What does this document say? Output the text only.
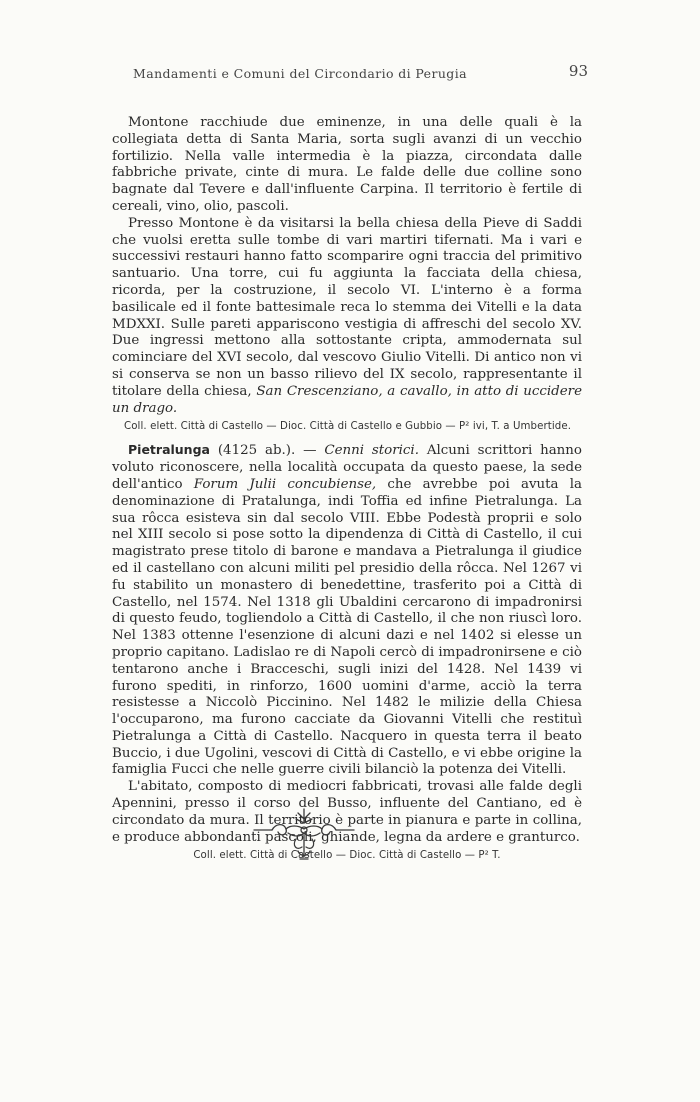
Mandamenti e Comuni del Circondario di Perugia	93

Montone racchiude due eminenze, in una delle quali è la collegiata detta di Santa Maria, sorta sugli avanzi di un vecchio fortilizio. Nella valle intermedia è la piazza, circondata dalle fabbriche private, cinte di mura. Le falde delle due colline sono bagnate dal Tevere e dall'influente Carpina. Il territorio è fertile di cereali, vino, olio, pascoli.

Presso Montone è da visitarsi la bella chiesa della Pieve di Saddi che vuolsi eretta sulle tombe di vari martiri tifernati. Ma i vari e successivi restauri hanno fatto scomparire ogni traccia del primitivo santuario. Una torre, cui fu aggiunta la facciata della chiesa, ricorda, per la costruzione, il secolo VI. L'interno è a forma basilicale ed il fonte battesimale reca lo stemma dei Vitelli e la data MDXXI. Sulle pareti appariscono vestigia di affreschi del secolo XV. Due ingressi mettono alla sottostante cripta, ammodernata sul cominciare del XVI secolo, dal vescovo Giulio Vitelli. Di antico non vi si conserva se non un basso rilievo del IX secolo, rappresentante il titolare della chiesa, San Crescenziano, a cavallo, in atto di uccidere un drago.

Coll. elett. Città di Castello — Dioc. Città di Castello e Gubbio — P² ivi, T. a Umbertide.

Pietralunga (4125 ab.). — Cenni storici. Alcuni scrittori hanno voluto riconoscere, nella località occupata da questo paese, la sede dell'antico Forum Julii concubiense, che avrebbe poi avuta la denominazione di Pratalunga, indi Toffia ed infine Pietralunga. La sua rôcca esisteva sin dal secolo VIII. Ebbe Podestà proprii e solo nel XIII secolo si pose sotto la dipendenza di Città di Castello, il cui magistrato prese titolo di barone e mandava a Pietralunga il giudice ed il castellano con alcuni militi pel presidio della rôcca. Nel 1267 vi fu stabilito un monastero di benedettine, trasferito poi a Città di Castello, nel 1574. Nel 1318 gli Ubaldini cercarono di impadronirsi di questo feudo, togliendolo a Città di Castello, il che non riuscì loro. Nel 1383 ottenne l'esenzione di alcuni dazi e nel 1402 si elesse un proprio capitano. Ladislao re di Napoli cercò di impadronirsene e ciò tentarono anche i Bracceschi, sugli inizi del 1428. Nel 1439 vi furono spediti, in rinforzo, 1600 uomini d'arme, acciò la terra resistesse a Niccolò Piccinino. Nel 1482 le milizie della Chiesa l'occuparono, ma furono cacciate da Giovanni Vitelli che restituì Pietralunga a Città di Castello. Nacquero in questa terra il beato Buccio, i due Ugolini, vescovi di Città di Castello, e vi ebbe origine la famiglia Fucci che nelle guerre civili bilanciò la potenza dei Vitelli.

L'abitato, composto di mediocri fabbricati, trovasi alle falde degli Apennini, presso il corso del Busso, influente del Cantiano, ed è circondato da mura. Il territorio è parte in pianura e parte in collina, e produce abbondanti pascoli, ghiande, legna da ardere e granturco.

Coll. elett. Città di Castello — Dioc. Città di Castello — P² T.
